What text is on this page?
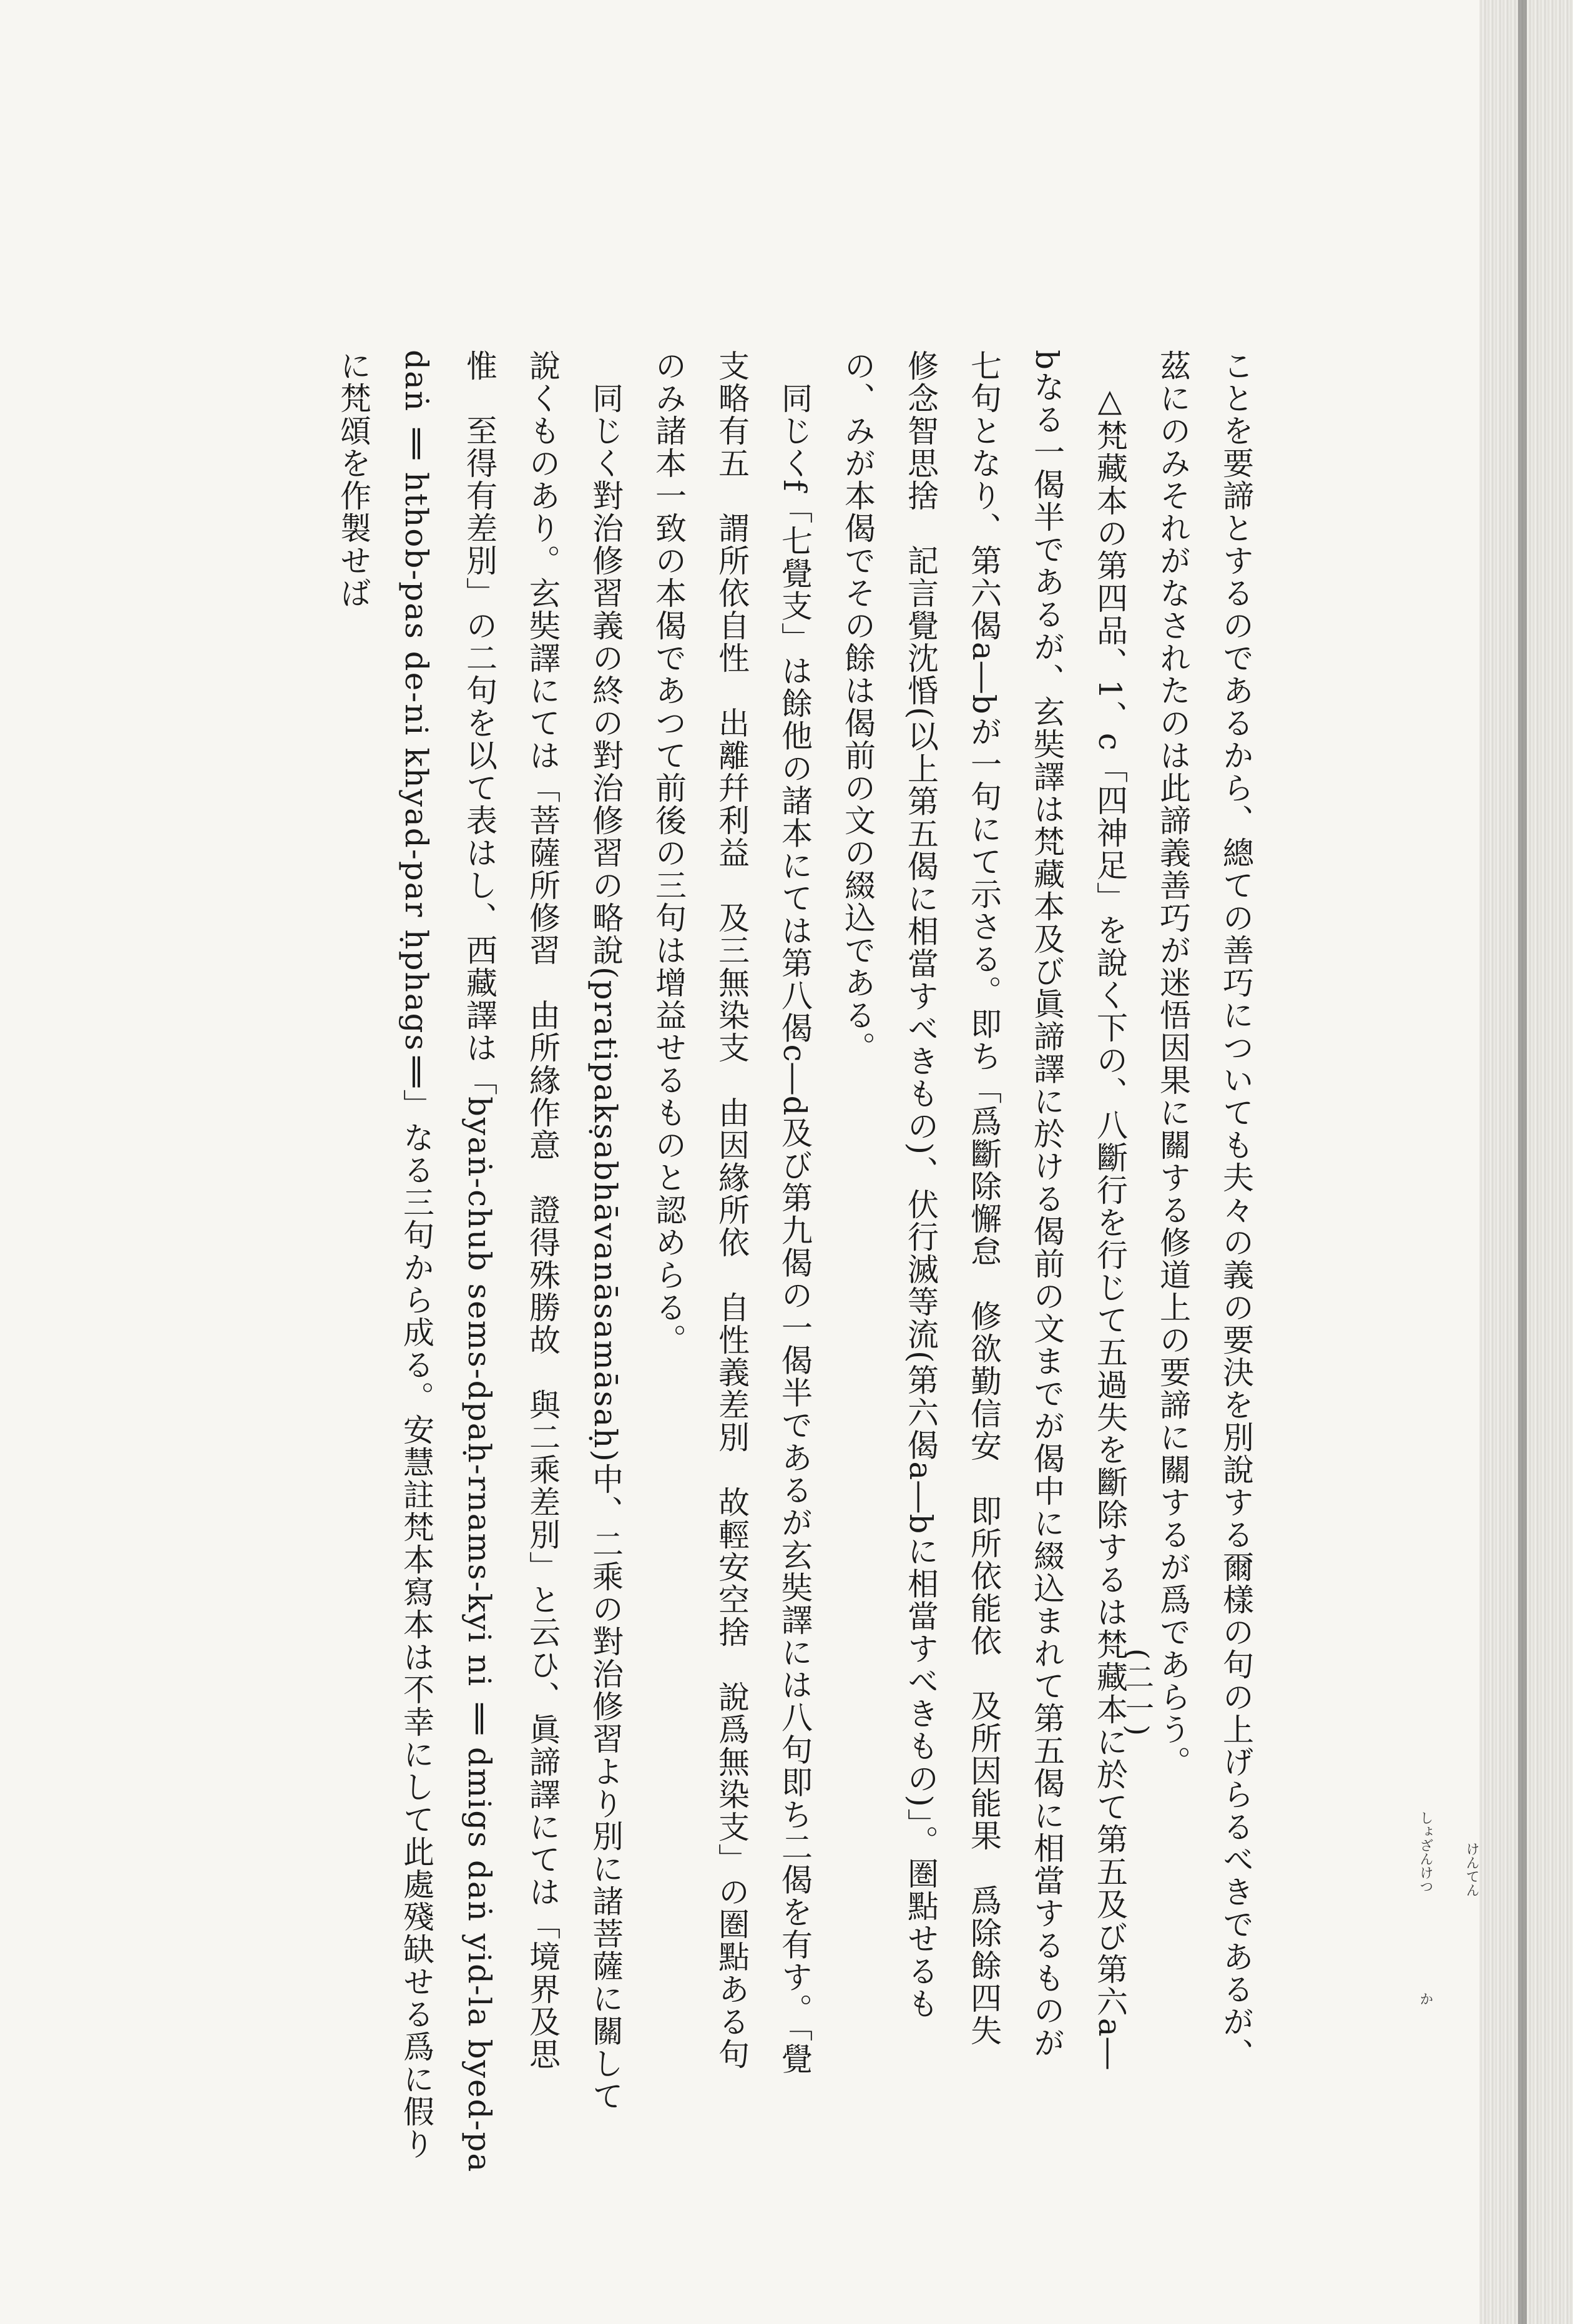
ことを要諦とするのであるから、總ての善巧についても夫々の義の要決を別說する爾樣の句の上げらるべきであるが、
茲にのみそれがなされたのは此諦義善巧が迷悟因果に關する修道上の要諦に關するが爲であらう。
△梵藏本の第四品、1、c「四神足」を說く下の、八斷行を行じて五過失を斷除するは梵藏本に於て第五及び第六a―
bなる一偈半であるが、玄奘譯は梵藏本及び眞諦譯に於ける偈前の文までが偈中に綴込まれて第五偈に相當するものが
七句となり、第六偈a―bが一句にて示さる。即ち「爲斷除懈怠　修欲勤信安　即所依能依　及所因能果　爲除餘四失
修念智思捨　記言覺沈惛(以上第五偈に相當すべきもの)、伏行滅等流(第六偈a―bに相當すべきもの)」。圏點せるも
の、みが本偈でその餘は偈前の文の綴込である。
同じくf「七覺支」は餘他の諸本にては第八偈c―d及び第九偈の一偈半であるが玄奘譯には八句即ち二偈を有す。「覺
支略有五　謂所依自性　出離幷利益　及三無染支　由因緣所依　自性義差別　故輕安空捨　說爲無染支」の圏點ある句
のみ諸本一致の本偈であつて前後の三句は增益せるものと認めらる。
同じく對治修習義の終の對治修習の略說(pratipakṣabhāvanāsamāsaḥ)中、二乘の對治修習より別に諸菩薩に關して
說くものあり。玄奘譯にては「菩薩所修習　由所緣作意　證得殊勝故　與二乘差別」と云ひ、眞諦譯にては「境界及思
惟　至得有差別」の二句を以て表はし、西藏譯は「byaṅ-chub sems-dpaḥ-rnams-kyi ni ‖ dmigs daṅ yid-la byed-pa
daṅ ‖ hthob-pas de-ni khyad-par ḥphags‖」なる三句から成る。安慧註梵本寫本は不幸にして此處殘缺せる爲に假り
に梵頌を作製せば
(二一)
けんてん
しょざんけつ
か
